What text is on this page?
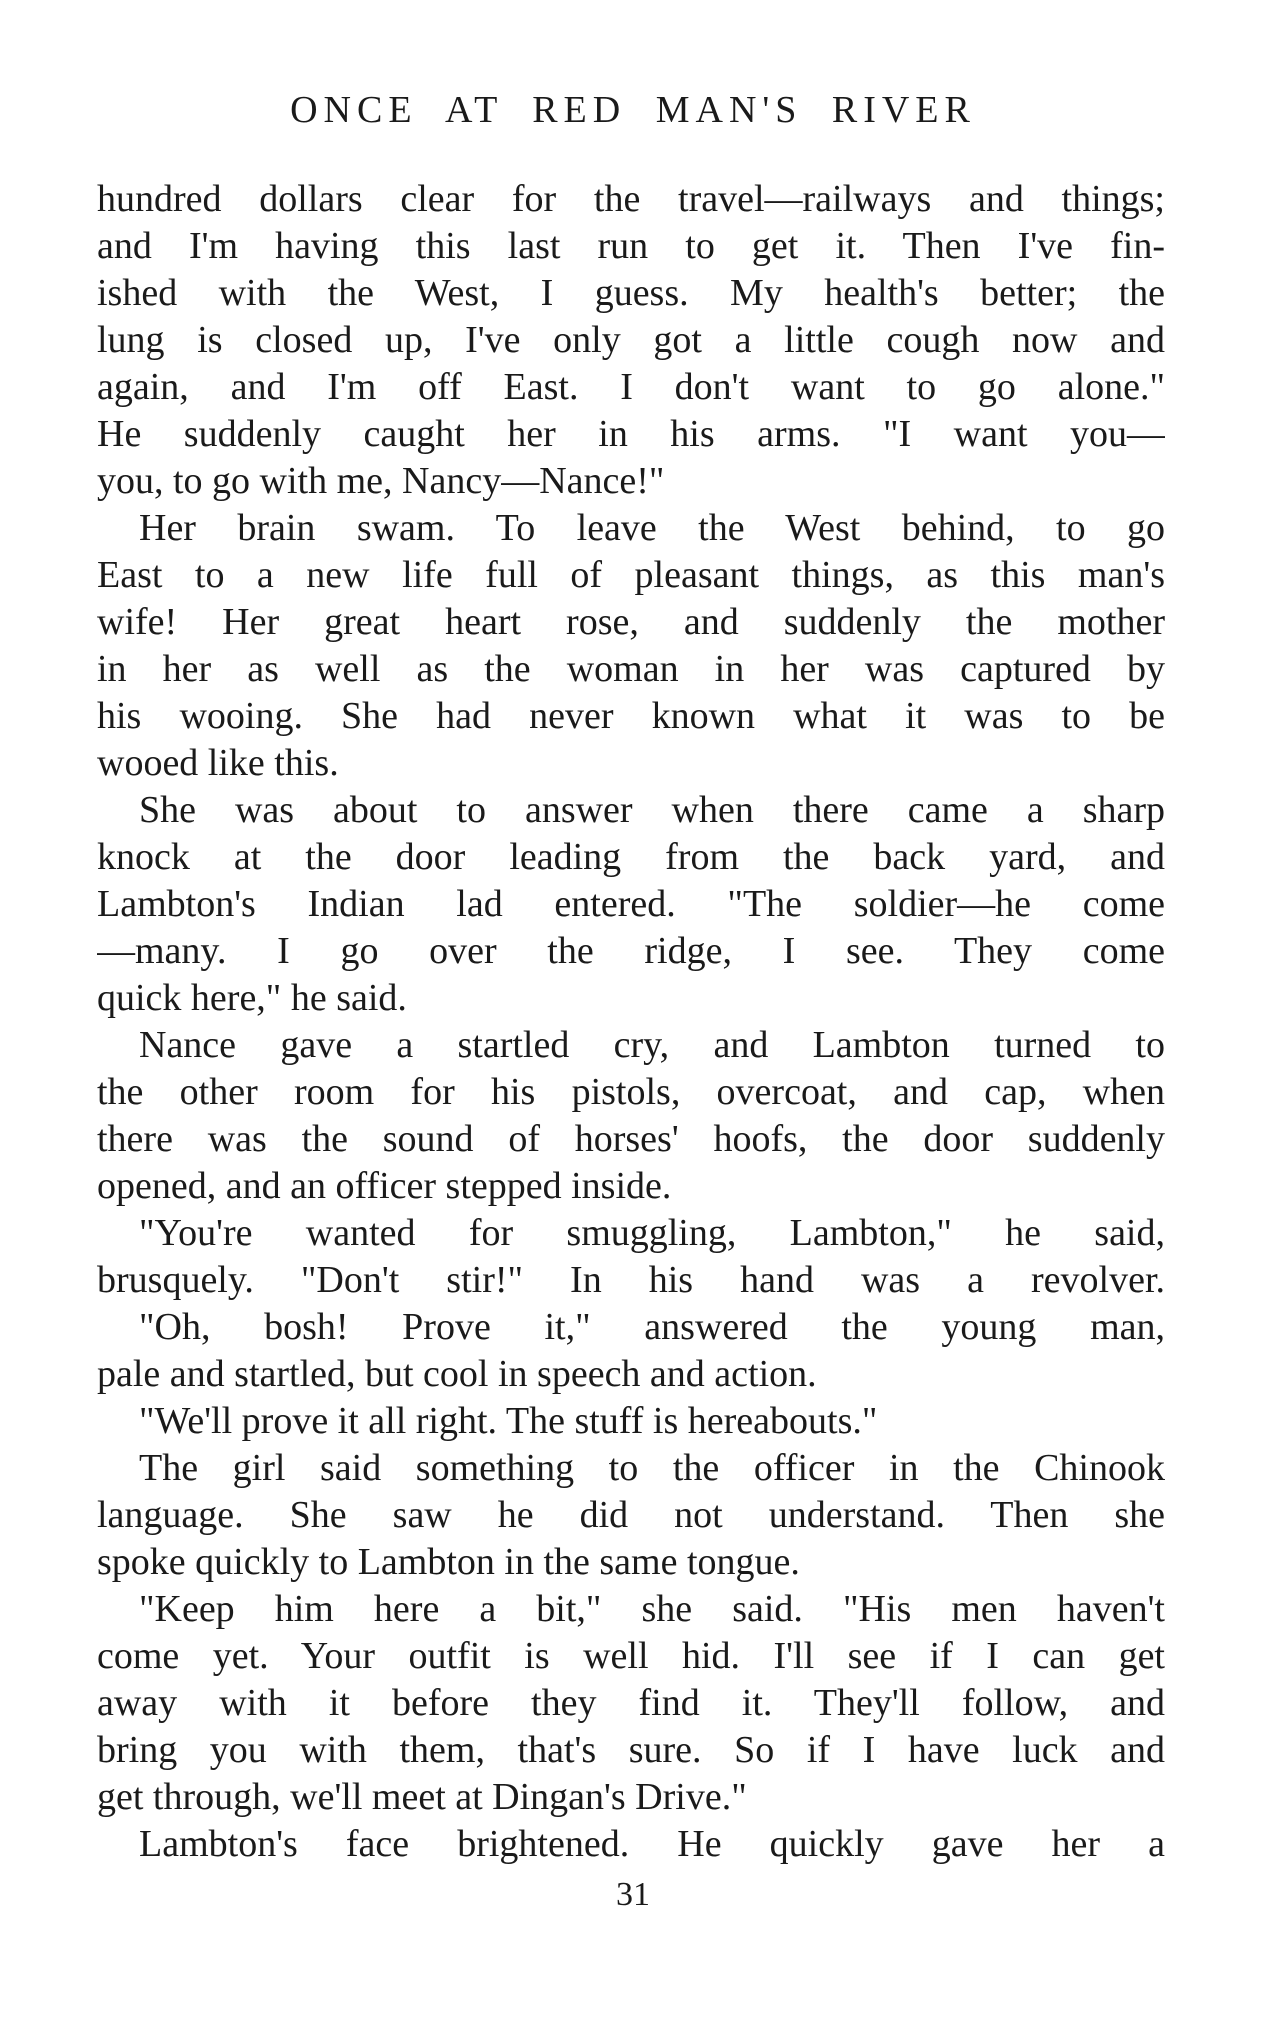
ONCE AT RED MAN'S RIVER
hundred dollars clear for the travel—railways and things;
and I'm having this last run to get it. Then I've fin-
ished with the West, I guess. My health's better; the
lung is closed up, I've only got a little cough now and
again, and I'm off East. I don't want to go alone."
He suddenly caught her in his arms. "I want you—
you, to go with me, Nancy—Nance!"
Her brain swam. To leave the West behind, to go
East to a new life full of pleasant things, as this man's
wife! Her great heart rose, and suddenly the mother
in her as well as the woman in her was captured by
his wooing. She had never known what it was to be
wooed like this.
She was about to answer when there came a sharp
knock at the door leading from the back yard, and
Lambton's Indian lad entered. "The soldier—he come
—many. I go over the ridge, I see. They come
quick here," he said.
Nance gave a startled cry, and Lambton turned to
the other room for his pistols, overcoat, and cap, when
there was the sound of horses' hoofs, the door suddenly
opened, and an officer stepped inside.
"You're wanted for smuggling, Lambton," he said,
brusquely. "Don't stir!" In his hand was a revolver.
"Oh, bosh! Prove it," answered the young man,
pale and startled, but cool in speech and action.
"We'll prove it all right. The stuff is hereabouts."
The girl said something to the officer in the Chinook
language. She saw he did not understand. Then she
spoke quickly to Lambton in the same tongue.
"Keep him here a bit," she said. "His men haven't
come yet. Your outfit is well hid. I'll see if I can get
away with it before they find it. They'll follow, and
bring you with them, that's sure. So if I have luck and
get through, we'll meet at Dingan's Drive."
Lambton's face brightened. He quickly gave her a
31
